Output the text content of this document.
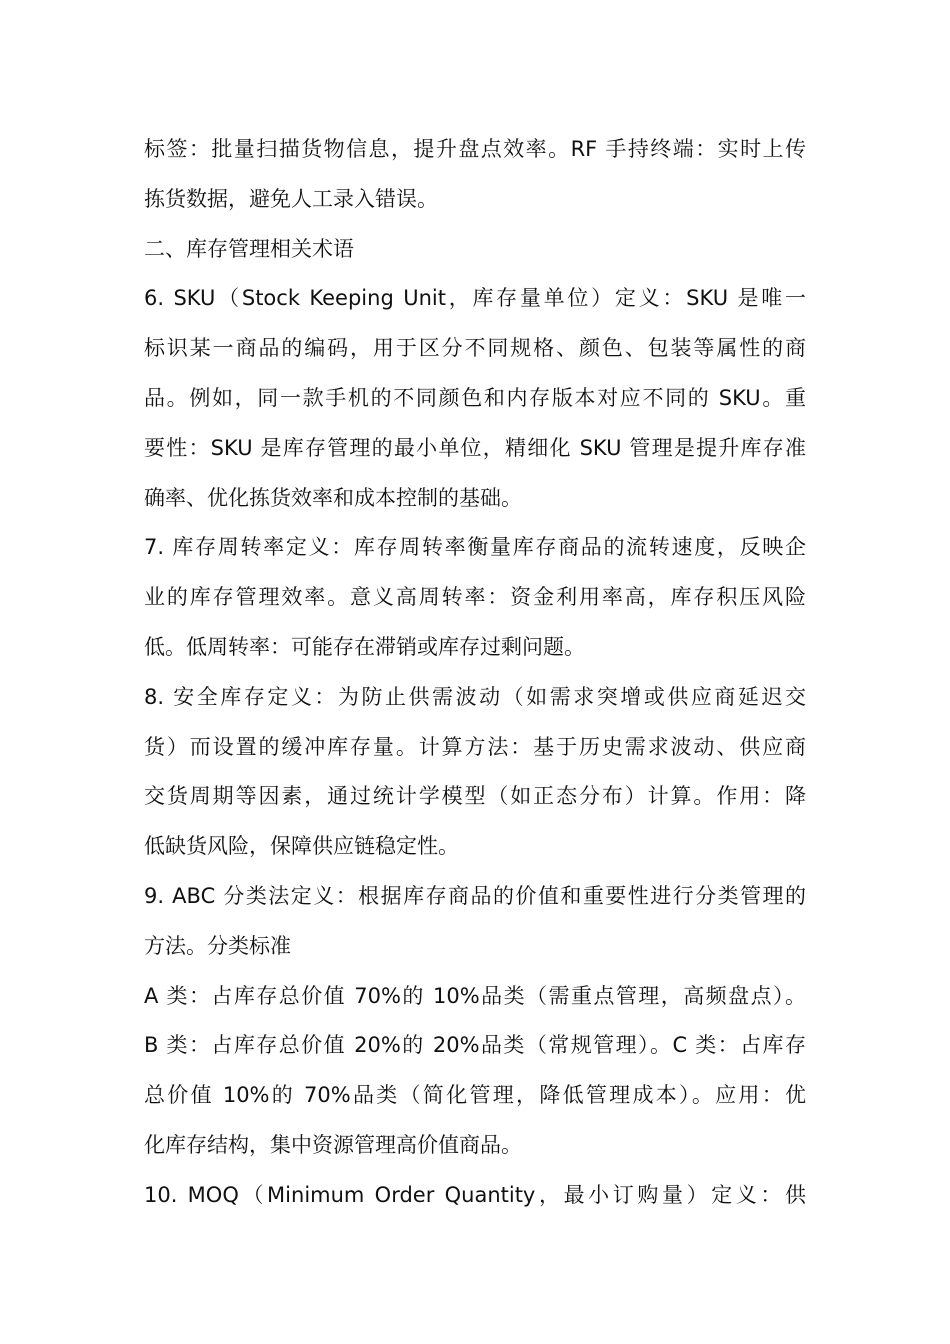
标签：批量扫描货物信息，提升盘点效率。RF 手持终端：实时上传
拣货数据，避免人工录入错误。
二、库存管理相关术语
6. SKU（Stock Keeping Unit，库存量单位）定义：SKU 是唯一
标识某一商品的编码，用于区分不同规格、颜色、包装等属性的商
品。例如，同一款手机的不同颜色和内存版本对应不同的 SKU。重
要性：SKU 是库存管理的最小单位，精细化 SKU 管理是提升库存准
确率、优化拣货效率和成本控制的基础。
7. 库存周转率定义：库存周转率衡量库存商品的流转速度，反映企
业的库存管理效率。意义高周转率：资金利用率高，库存积压风险
低。低周转率：可能存在滞销或库存过剩问题。
8. 安全库存定义：为防止供需波动（如需求突增或供应商延迟交
货）而设置的缓冲库存量。计算方法：基于历史需求波动、供应商
交货周期等因素，通过统计学模型（如正态分布）计算。作用：降
低缺货风险，保障供应链稳定性。
9. ABC 分类法定义：根据库存商品的价值和重要性进行分类管理的
方法。分类标准
A 类：占库存总价值 70%的 10%品类（需重点管理，高频盘点）。
B 类：占库存总价值 20%的 20%品类（常规管理）。C 类：占库存
总价值 10%的 70%品类（简化管理，降低管理成本）。应用：优
化库存结构，集中资源管理高价值商品。
10. MOQ（Minimum Order Quantity，最小订购量）定义：供
